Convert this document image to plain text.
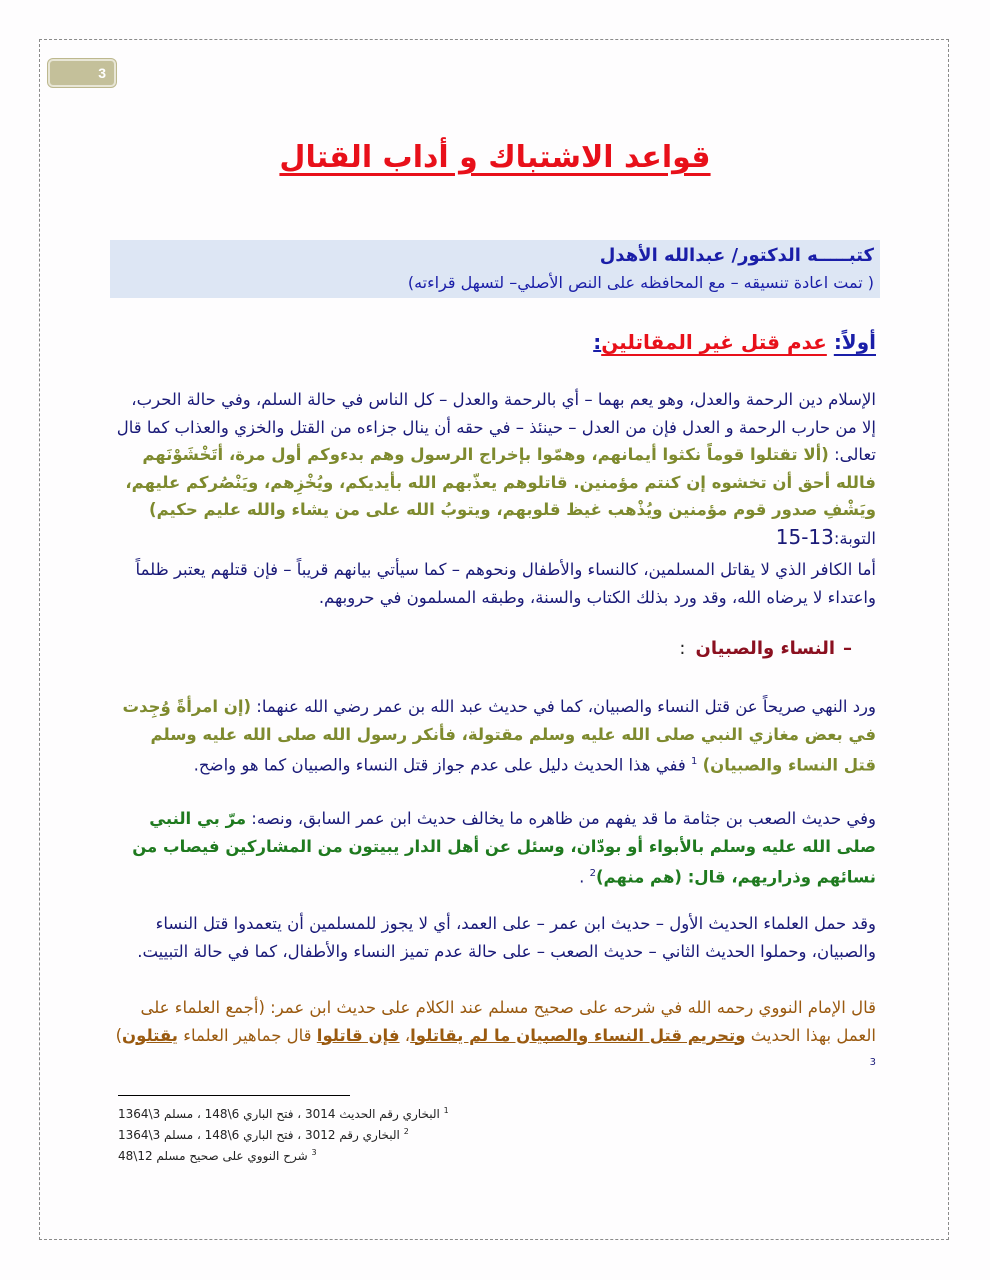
3
قواعد الاشتباك و أداب القتال
كتبـــــه الدكتور/ عبدالله الأهدل
( تمت اعادة تنسيقه – مع المحافظه على النص الأصلي– لتسهل قراءته)
أولاً: عدم قتل غير المقاتلين:

الإسلام دين الرحمة والعدل، وهو يعم بهما – أي بالرحمة والعدل – كل الناس في حالة السلم، وفي حالة الحرب، إلا من حارب الرحمة و العدل فإن من العدل – حينئذ – في حقه أن ينال جزاءه من القتل والخزي والعذاب كما قال تعالى: (ألا تقتلوا قوماً نكثوا أيمانهم، وهمّوا بإخراج الرسول وهم بدءوكم أول مرة، أتَخْشَوْنَهم فالله أحق أن تخشوه إن كنتم مؤمنين. قاتلوهم يعذّبهم الله بأيديكم، ويُخْزِهم، ويَنْصُركم عليهم، ويَشْفِ صدور قوم مؤمنين ويُذْهب غيظ قلوبهم، ويتوبُ الله على من يشاء والله عليم حكيم)

التوبة:13-15

أما الكافر الذي لا يقاتل المسلمين، كالنساء والأطفال ونحوهم – كما سيأتي بيانهم قريباً – فإن قتلهم يعتبر ظلماً واعتداء لا يرضاه الله، وقد ورد بذلك الكتاب والسنة، وطبقه المسلمون في حروبهم.

–النساء والصبيان:

ورد النهي صريحاً عن قتل النساء والصبيان، كما في حديث عبد الله بن عمر رضي الله عنهما: (إن امرأةً وُجِدت في بعض مغازي النبي صلى الله عليه وسلم مقتولة، فأنكر رسول الله صلى الله عليه وسلم قتل النساء والصبيان) $^1$ ففي هذا الحديث دليل على عدم جواز قتل النساء والصبيان كما هو واضح.

وفي حديث الصعب بن جثامة ما قد يفهم من ظاهره ما يخالف حديث ابن عمر السابق، ونصه: مرّ بي النبي صلى الله عليه وسلم بالأبواء أو بودّان، وسئل عن أهل الدار يبيتون من المشاركين فيصاب من نسائهم وذراريهم، قال: (هم منهم)$^2$ .

وقد حمل العلماء الحديث الأول – حديث ابن عمر – على العمد، أي لا يجوز للمسلمين أن يتعمدوا قتل النساء والصبيان، وحملوا الحديث الثاني – حديث الصعب – على حالة عدم تميز النساء والأطفال، كما في حالة التبييت.

قال الإمام النووي رحمه الله في شرحه على صحيح مسلم عند الكلام على حديث ابن عمر: (أجمع العلماء على العمل بهذا الحديث وتحريم قتل النساء والصبيان ما لم يقاتلوا، فإن قاتلوا قال جماهير العلماء يقتلون) $^3$

$^1$ البخاري رقم الحديث 3014 ، فتح الباري 6\148 ، مسلم 3\1364
$^2$ البخاري رقم 3012 ، فتح الباري 6\148 ، مسلم 3\1364
$^3$ شرح النووي على صحيح مسلم 12\48
